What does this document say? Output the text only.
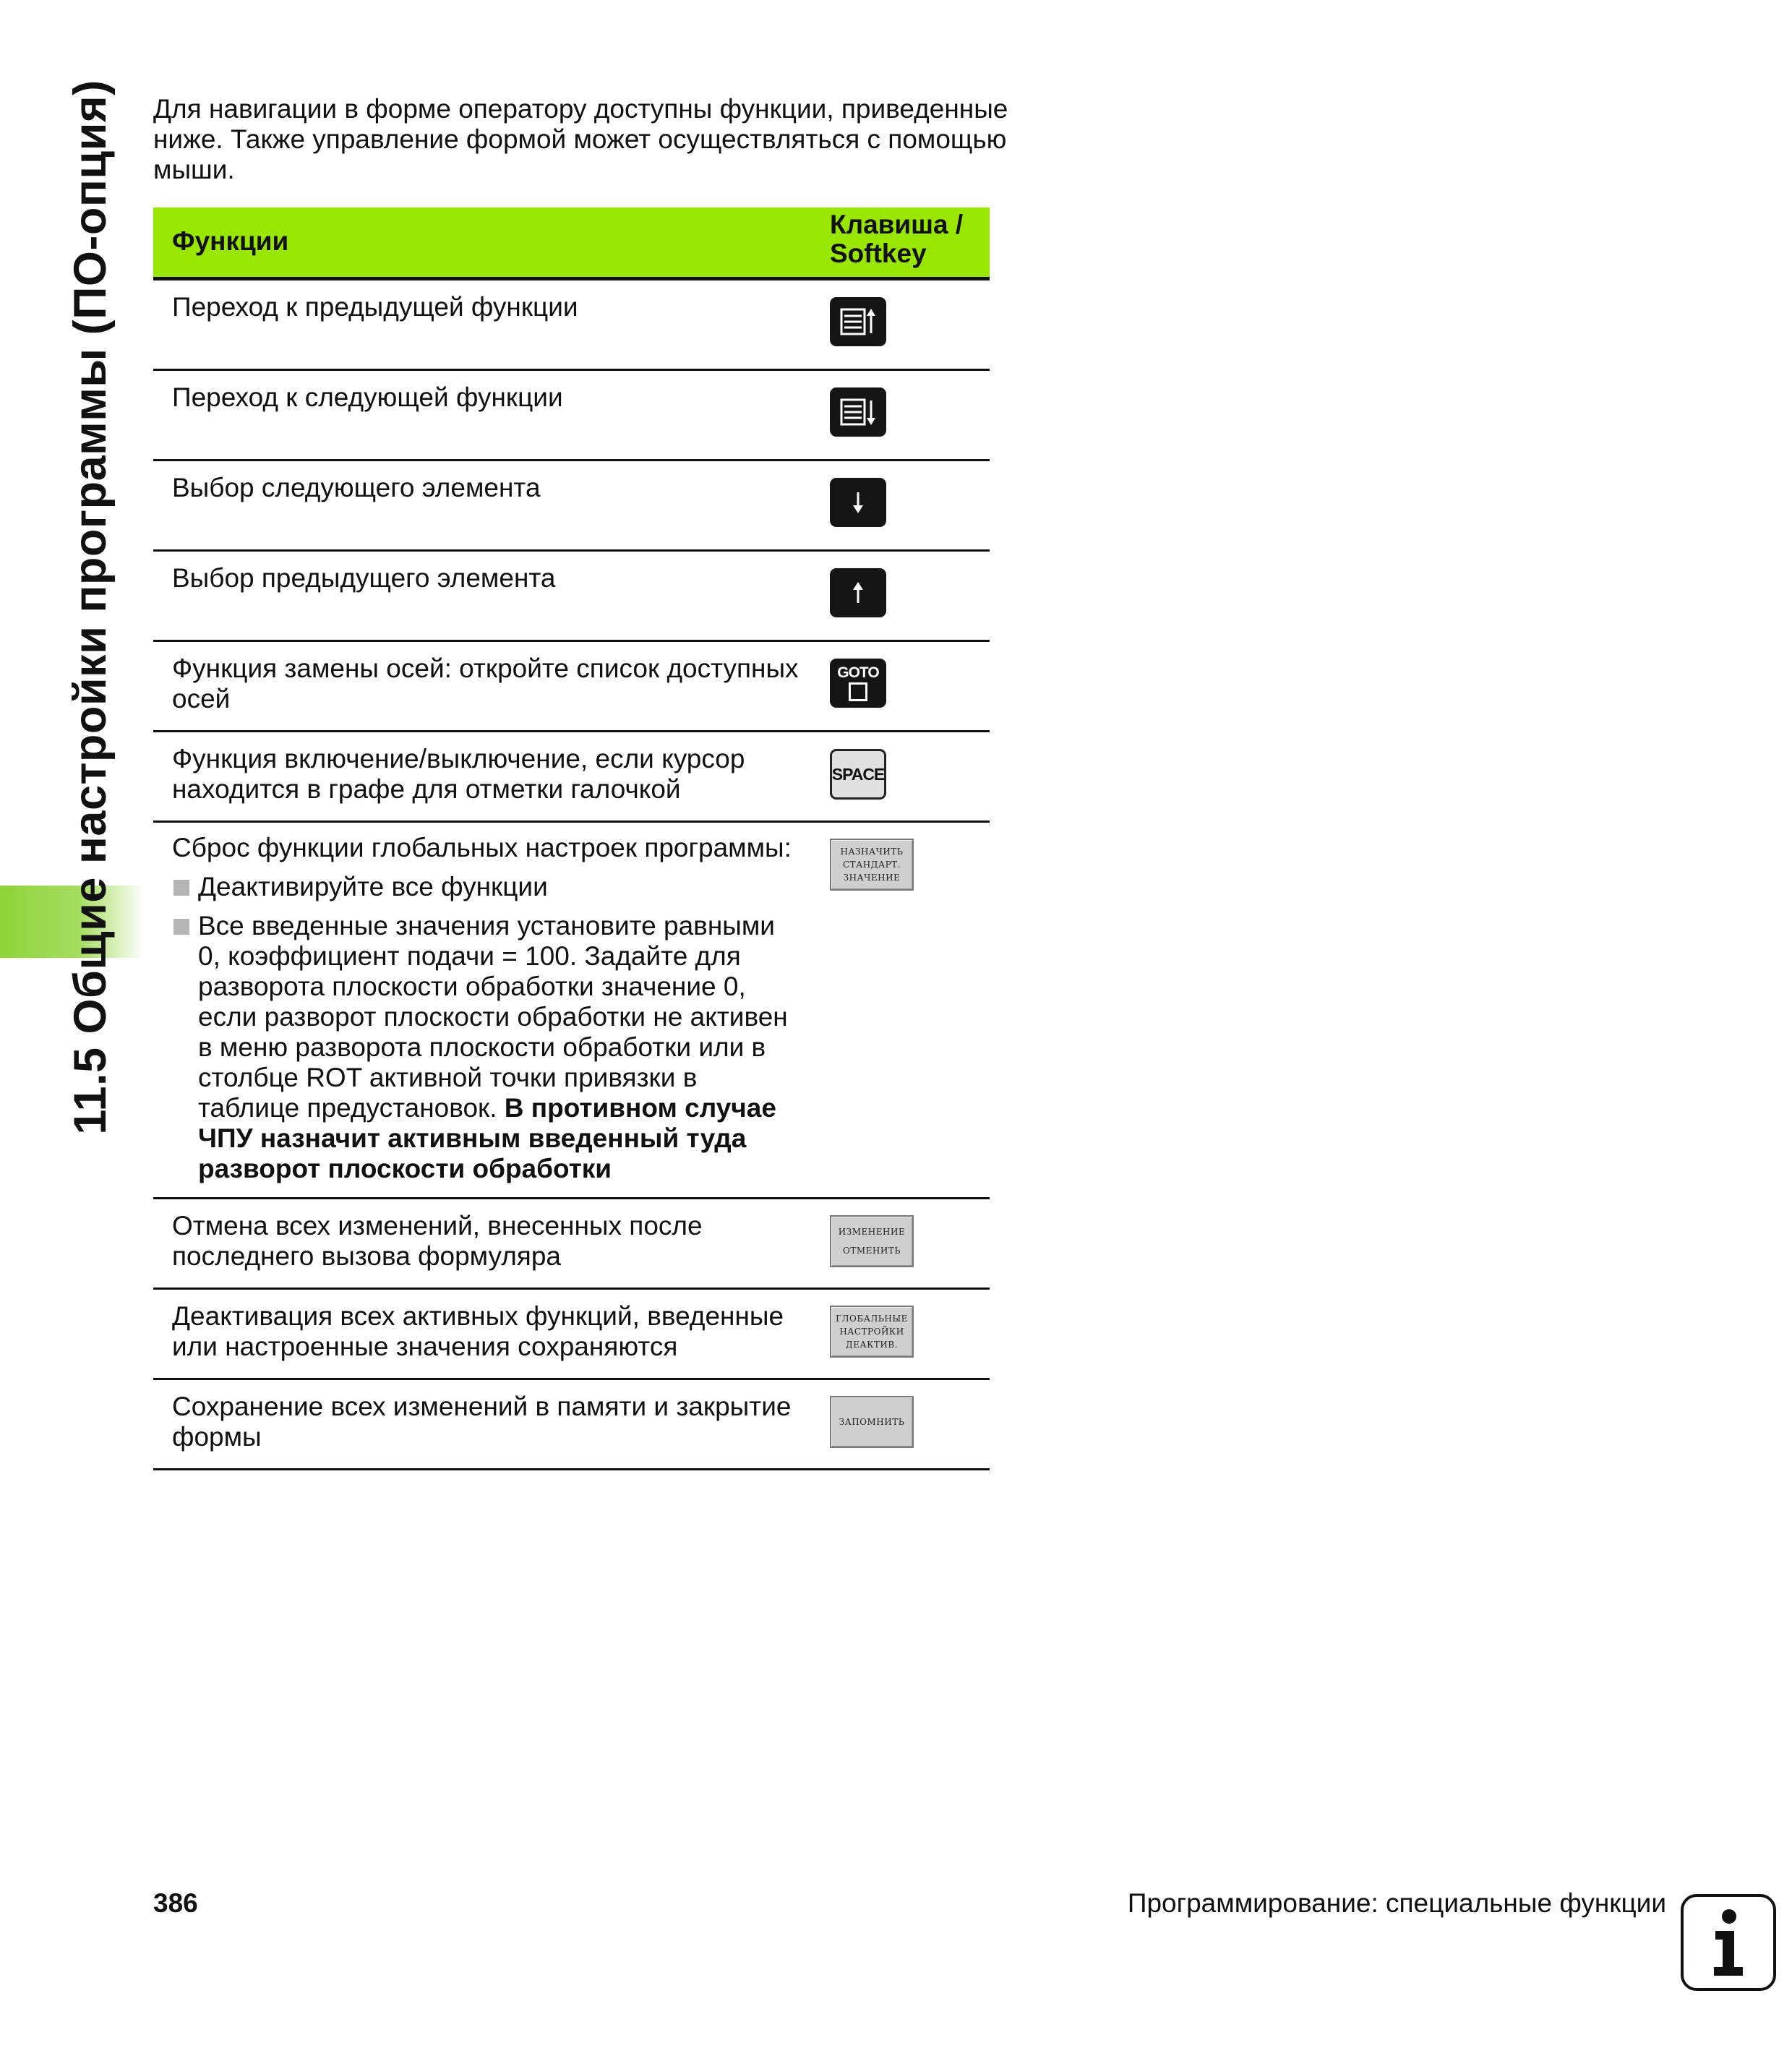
11.5 Общие настройки программы (ПО-опция) Для навигации в форме оператору доступны функции, приведенные ниже. Также управление формой может осуществляться с помощью мыши.
Функции
Клавиша / Softkey
Переход к предыдущей функции
Переход к следующей функции
Выбор следующего элемента
Выбор предыдущего элемента
Функция замены осей: откройте список доступных осей
GOTO
Функция включение/выключение, если курсор находится в графе для отметки галочкой
SPACE
Сброс функции глобальных настроек программы:
Деактивируйте все функции
Все введенные значения установите равными 0, коэффициент подачи = 100. Задайте для разворота плоскости обработки значение 0, если разворот плоскости обработки не активен в меню разворота плоскости обработки или в столбце ROT активной точки привязки в таблице предустановок. В противном случае ЧПУ назначит активным введенный туда разворот плоскости обработки
НАЗНАЧИТЬ
СТАНДАРТ.
ЗНАЧЕНИЕ
Отмена всех изменений, внесенных после последнего вызова формуляра
ИЗМЕНЕНИЕ
ОТМЕНИТЬ
Деактивация всех активных функций, введенные или настроенные значения сохраняются
ГЛОБАЛЬНЫЕ
НАСТРОЙКИ
ДЕАКТИВ.
Сохранение всех изменений в памяти и закрытие формы	ЗАПОМНИТЬ
386	Программирование: специальные функции
